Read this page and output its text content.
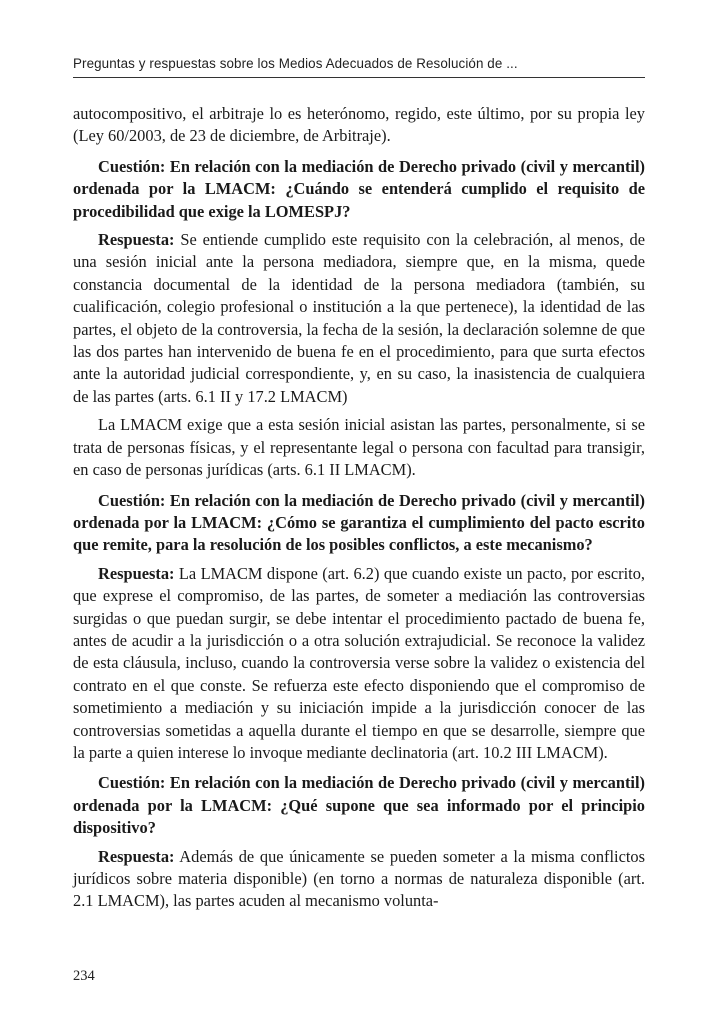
Preguntas y respuestas sobre los Medios Adecuados de Resolución de ...

autocompositivo, el arbitraje lo es heterónomo, regido, este último, por su propia ley (Ley 60/2003, de 23 de diciembre, de Arbitraje).

Cuestión: En relación con la mediación de Derecho privado (civil y mercantil) ordenada por la LMACM: ¿Cuándo se entenderá cumplido el requisito de procedibilidad que exige la LOMESPJ?

Respuesta: Se entiende cumplido este requisito con la celebración, al menos, de una sesión inicial ante la persona mediadora, siempre que, en la misma, quede constancia documental de la identidad de la persona mediadora (también, su cualificación, colegio profesional o institución a la que pertenece), la identidad de las partes, el objeto de la controversia, la fecha de la sesión, la declaración solemne de que las dos partes han intervenido de buena fe en el procedimiento, para que surta efectos ante la autoridad judicial correspondiente, y, en su caso, la inasistencia de cualquiera de las partes (arts. 6.1 II y 17.2 LMACM)

La LMACM exige que a esta sesión inicial asistan las partes, personalmente, si se trata de personas físicas, y el representante legal o persona con facultad para transigir, en caso de personas jurídicas (arts. 6.1 II LMACM).

Cuestión: En relación con la mediación de Derecho privado (civil y mercantil) ordenada por la LMACM: ¿Cómo se garantiza el cumplimiento del pacto escrito que remite, para la resolución de los posibles conflictos, a este mecanismo?

Respuesta: La LMACM dispone (art. 6.2) que cuando existe un pacto, por escrito, que exprese el compromiso, de las partes, de someter a mediación las controversias surgidas o que puedan surgir, se debe intentar el procedimiento pactado de buena fe, antes de acudir a la jurisdicción o a otra solución extrajudicial. Se reconoce la validez de esta cláusula, incluso, cuando la controversia verse sobre la validez o existencia del contrato en el que conste. Se refuerza este efecto disponiendo que el compromiso de sometimiento a mediación y su iniciación impide a la jurisdicción conocer de las controversias sometidas a aquella durante el tiempo en que se desarrolle, siempre que la parte a quien interese lo invoque mediante declinatoria (art. 10.2 III LMACM).

Cuestión: En relación con la mediación de Derecho privado (civil y mercantil) ordenada por la LMACM: ¿Qué supone que sea informado por el principio dispositivo?

Respuesta: Además de que únicamente se pueden someter a la misma conflictos jurídicos sobre materia disponible) (en torno a normas de naturaleza disponible (art. 2.1 LMACM), las partes acuden al mecanismo volunta-

234
